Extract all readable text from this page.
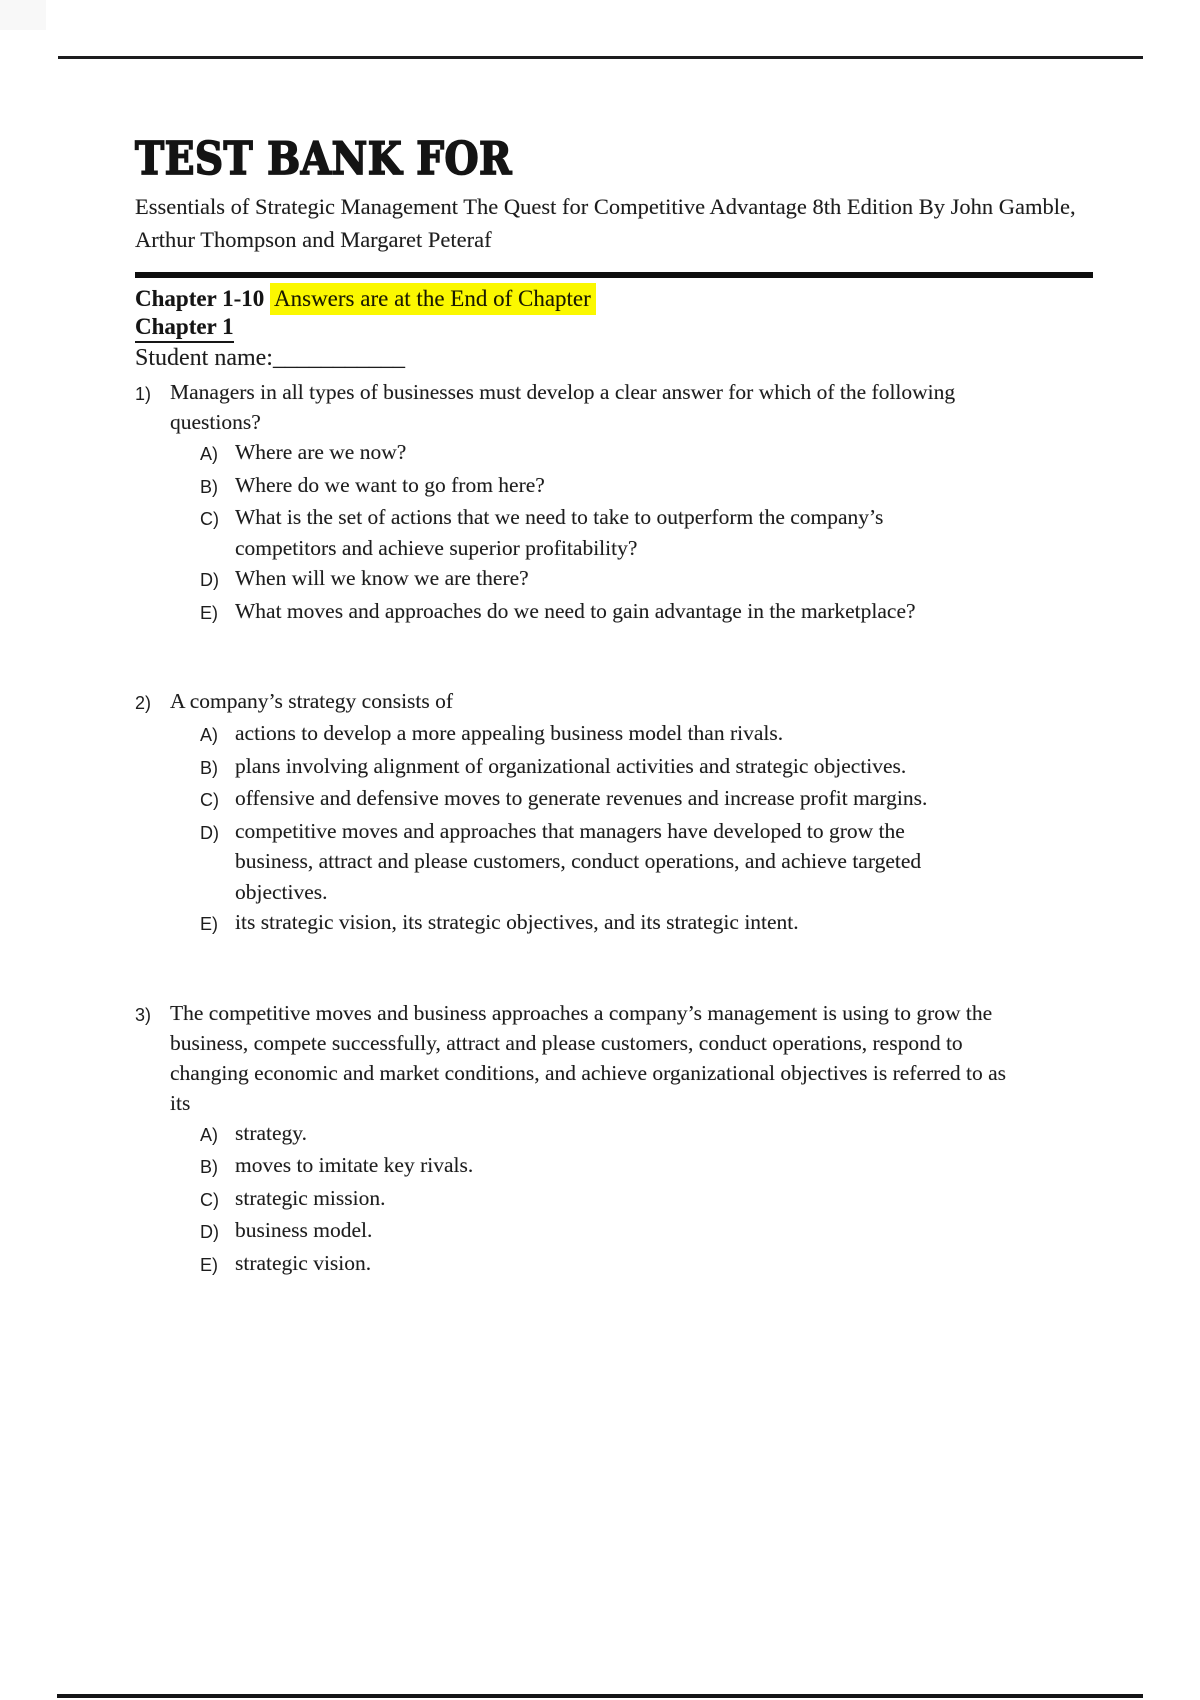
TEST BANK FOR
Essentials of Strategic Management The Quest for Competitive Advantage 8th Edition By John Gamble, Arthur Thompson and Margaret Peteraf
Chapter 1-10 Answers are at the End of Chapter
Chapter 1
Student name:___________
1) Managers in all types of businesses must develop a clear answer for which of the following questions?
A) Where are we now?
B) Where do we want to go from here?
C) What is the set of actions that we need to take to outperform the company’s competitors and achieve superior profitability?
D) When will we know we are there?
E) What moves and approaches do we need to gain advantage in the marketplace?
2) A company’s strategy consists of
A) actions to develop a more appealing business model than rivals.
B) plans involving alignment of organizational activities and strategic objectives.
C) offensive and defensive moves to generate revenues and increase profit margins.
D) competitive moves and approaches that managers have developed to grow the business, attract and please customers, conduct operations, and achieve targeted objectives.
E) its strategic vision, its strategic objectives, and its strategic intent.
3) The competitive moves and business approaches a company’s management is using to grow the business, compete successfully, attract and please customers, conduct operations, respond to changing economic and market conditions, and achieve organizational objectives is referred to as its
A) strategy.
B) moves to imitate key rivals.
C) strategic mission.
D) business model.
E) strategic vision.
